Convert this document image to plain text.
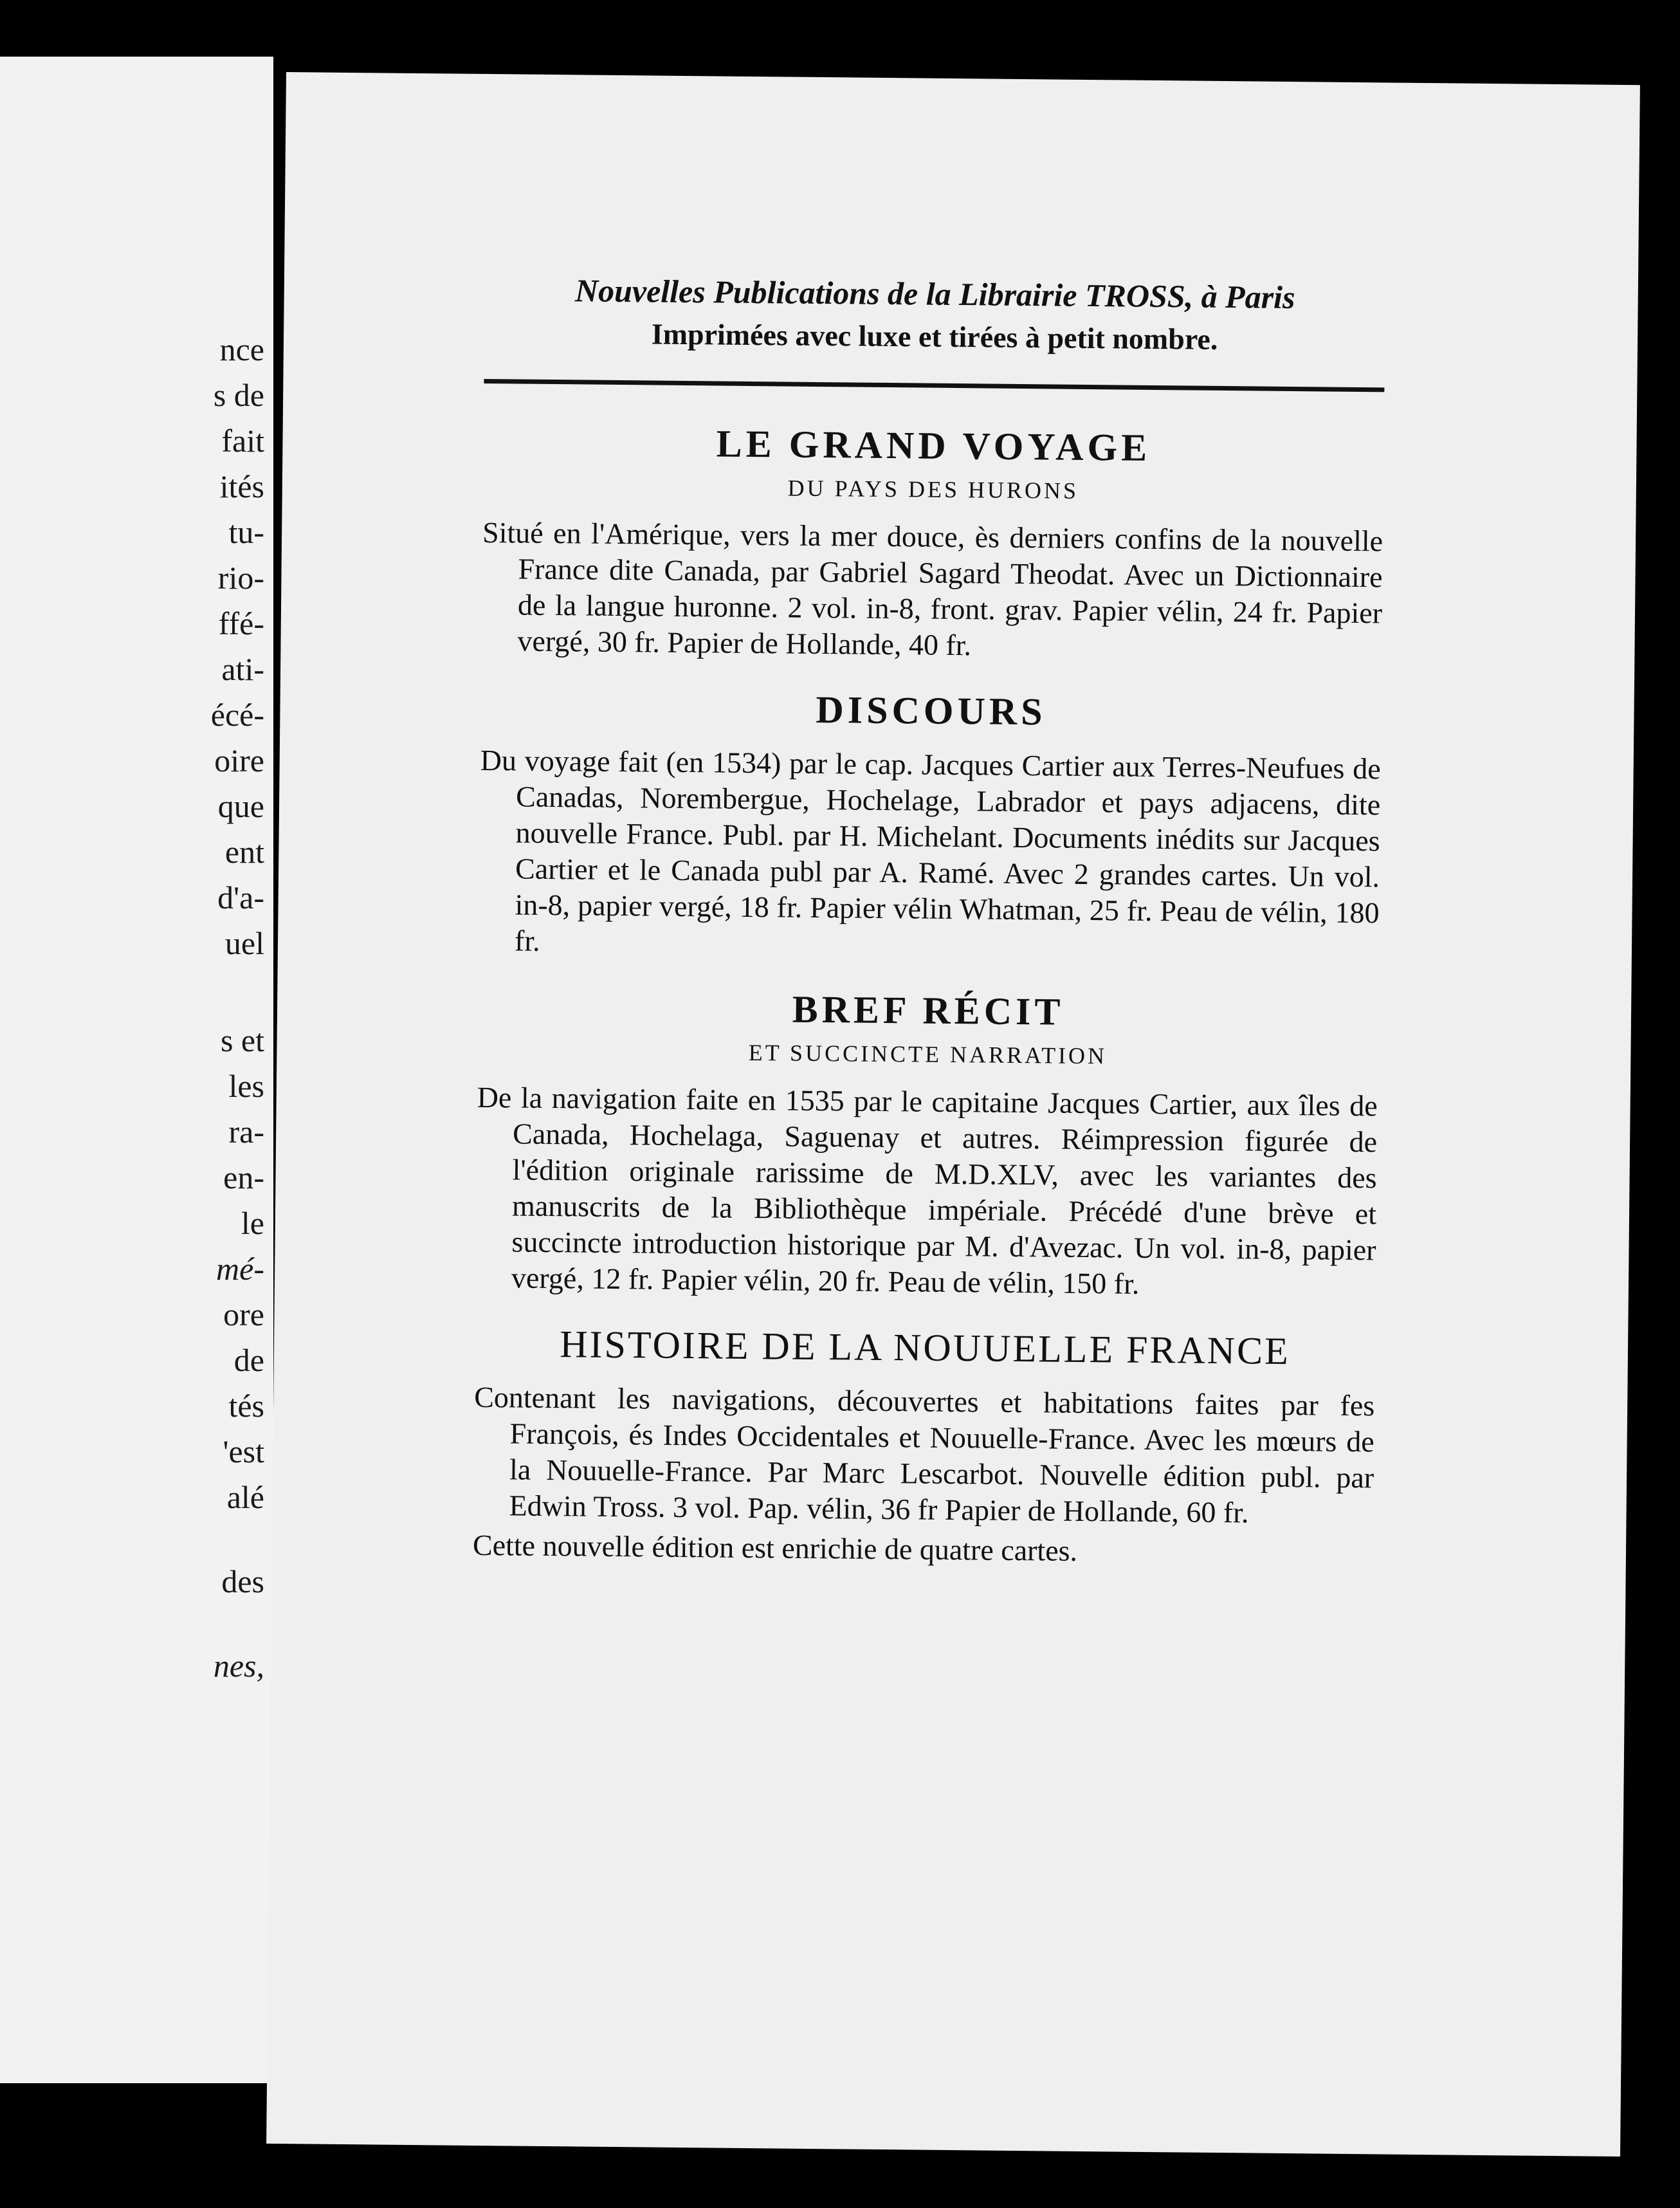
nce
s de
fait
ités
tu-
rio-
ffé-
ati-
écé-
oire
que
ent
d'a-
uel
s et
les
ra-
en-
le
mé-
ore
de
tés
'est
alé
des
nes,
Nouvelles Publications de la Librairie TROSS, à Paris
Imprimées avec luxe et tirées à petit nombre.
LE GRAND VOYAGE
DU PAYS DES HURONS

Situé en l'Amérique, vers la mer douce, ès derniers confins de la nouvelle France dite Canada, par Gabriel Sagard Theodat. Avec un Dictionnaire de la langue huronne. 2 vol. in-8, front. grav. Papier vélin, 24 fr. Papier vergé, 30 fr. Papier de Hollande, 40 fr.

DISCOURS

Du voyage fait (en 1534) par le cap. Jacques Cartier aux Terres-Neufues de Canadas, Norembergue, Hochelage, Labrador et pays adjacens, dite nouvelle France. Publ. par H. Michelant. Documents inédits sur Jacques Cartier et le Canada publ par A. Ramé. Avec 2 grandes cartes. Un vol. in-8, papier vergé, 18 fr. Papier vélin Whatman, 25 fr. Peau de vélin, 180 fr.

BREF RÉCIT
ET SUCCINCTE NARRATION

De la navigation faite en 1535 par le capitaine Jacques Cartier, aux îles de Canada, Hochelaga, Saguenay et autres. Réimpression figurée de l'édition originale rarissime de M.D.XLV, avec les variantes des manuscrits de la Bibliothèque impériale. Précédé d'une brève et succincte introduction historique par M. d'Avezac. Un vol. in-8, papier vergé, 12 fr. Papier vélin, 20 fr. Peau de vélin, 150 fr.

HISTOIRE DE LA NOUUELLE FRANCE

Contenant les navigations, découvertes et habitations faites par fes François, és Indes Occidentales et Nouuelle-France. Avec les mœurs de la Nouuelle-France. Par Marc Lescarbot. Nouvelle édition publ. par Edwin Tross. 3 vol. Pap. vélin, 36 fr Papier de Hollande, 60 fr.

Cette nouvelle édition est enrichie de quatre cartes.
